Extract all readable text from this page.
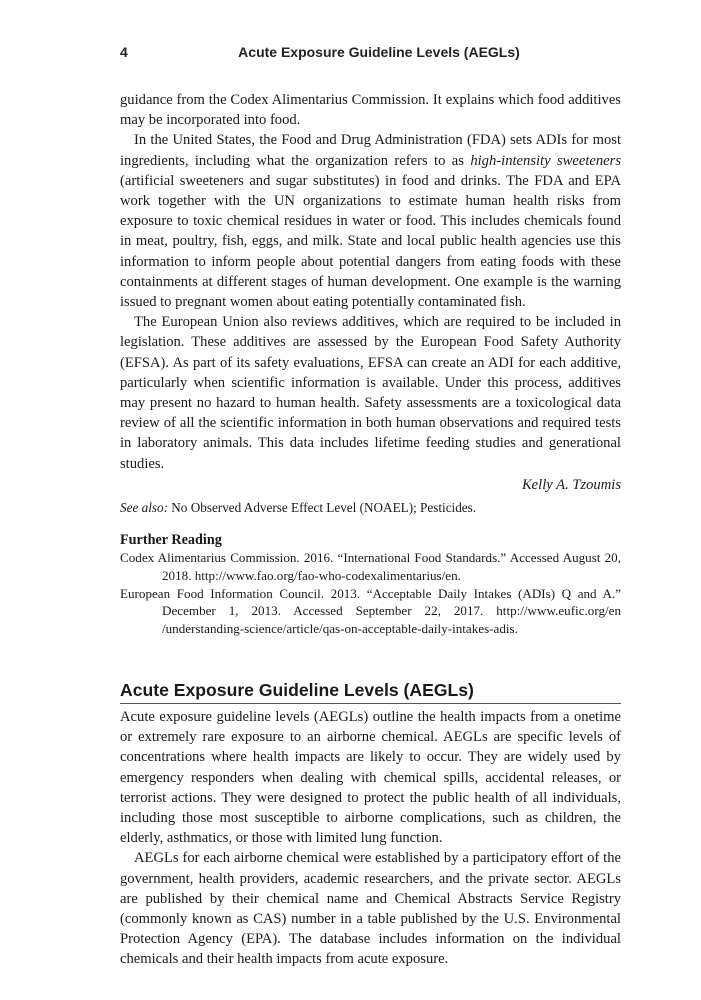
4	Acute Exposure Guideline Levels (AEGLs)

guidance from the Codex Alimentarius Commission. It explains which food additives may be incorporated into food.

In the United States, the Food and Drug Administration (FDA) sets ADIs for most ingredients, including what the organization refers to as high-intensity sweeteners (artificial sweeteners and sugar substitutes) in food and drinks. The FDA and EPA work together with the UN organizations to estimate human health risks from exposure to toxic chemical residues in water or food. This includes chemicals found in meat, poultry, fish, eggs, and milk. State and local public health agencies use this information to inform people about potential dangers from eating foods with these containments at different stages of human development. One example is the warning issued to pregnant women about eating potentially contaminated fish.

The European Union also reviews additives, which are required to be included in legislation. These additives are assessed by the European Food Safety Authority (EFSA). As part of its safety evaluations, EFSA can create an ADI for each additive, particularly when scientific information is available. Under this process, additives may present no hazard to human health. Safety assessments are a toxicological data review of all the scientific information in both human observations and required tests in laboratory animals. This data includes lifetime feeding studies and generational studies.

Kelly A. Tzoumis
See also: No Observed Adverse Effect Level (NOAEL); Pesticides.
Further Reading
Codex Alimentarius Commission. 2016. “International Food Standards.” Accessed August 20, 2018. http://www.fao.org/fao-who-codexalimentarius/en.
European Food Information Council. 2013. “Acceptable Daily Intakes (ADIs) Q and A.” December 1, 2013. Accessed September 22, 2017. http://www.eufic.org/en /understanding-science/article/qas-on-acceptable-daily-intakes-adis.
Acute Exposure Guideline Levels (AEGLs)

Acute exposure guideline levels (AEGLs) outline the health impacts from a onetime or extremely rare exposure to an airborne chemical. AEGLs are specific levels of concentrations where health impacts are likely to occur. They are widely used by emergency responders when dealing with chemical spills, accidental releases, or terrorist actions. They were designed to protect the public health of all individuals, including those most susceptible to airborne complications, such as children, the elderly, asthmatics, or those with limited lung function.

AEGLs for each airborne chemical were established by a participatory effort of the government, health providers, academic researchers, and the private sector. AEGLs are published by their chemical name and Chemical Abstracts Service Registry (commonly known as CAS) number in a table published by the U.S. Environmental Protection Agency (EPA). The database includes information on the individual chemicals and their health impacts from acute exposure.
